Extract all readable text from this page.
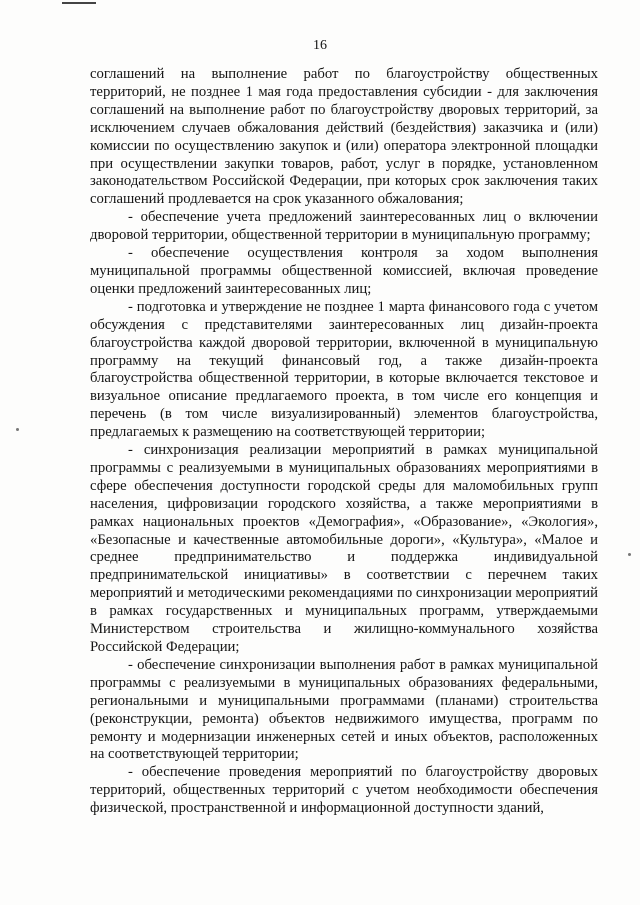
16

соглашений на выполнение работ по благоустройству общественных территорий, не позднее 1 мая года предоставления субсидии - для заключения соглашений на выполнение работ по благоустройству дворовых территорий, за исключением случаев обжалования действий (бездействия) заказчика и (или) комиссии по осуществлению закупок и (или) оператора электронной площадки при осуществлении закупки товаров, работ, услуг в порядке, установленном законодательством Российской Федерации, при которых срок заключения таких соглашений продлевается на срок указанного обжалования;

- обеспечение учета предложений заинтересованных лиц о включении дворовой территории, общественной территории в муниципальную программу;

- обеспечение осуществления контроля за ходом выполнения муниципальной программы общественной комиссией, включая проведение оценки предложений заинтересованных лиц;

- подготовка и утверждение не позднее 1 марта финансового года с учетом обсуждения с представителями заинтересованных лиц дизайн-проекта благоустройства каждой дворовой территории, включенной в муниципальную программу на текущий финансовый год, а также дизайн-проекта благоустройства общественной территории, в которые включается текстовое и визуальное описание предлагаемого проекта, в том числе его концепция и перечень (в том числе визуализированный) элементов благоустройства, предлагаемых к размещению на соответствующей территории;

- синхронизация реализации мероприятий в рамках муниципальной программы с реализуемыми в муниципальных образованиях мероприятиями в сфере обеспечения доступности городской среды для маломобильных групп населения, цифровизации городского хозяйства, а также мероприятиями в рамках национальных проектов «Демография», «Образование», «Экология», «Безопасные и качественные автомобильные дороги», «Культура», «Малое и среднее предпринимательство и поддержка индивидуальной предпринимательской инициативы» в соответствии с перечнем таких мероприятий и методическими рекомендациями по синхронизации мероприятий в рамках государственных и муниципальных программ, утверждаемыми Министерством строительства и жилищно-коммунального хозяйства Российской Федерации;

- обеспечение синхронизации выполнения работ в рамках муниципальной программы с реализуемыми в муниципальных образованиях федеральными, региональными и муниципальными программами (планами) строительства (реконструкции, ремонта) объектов недвижимого имущества, программ по ремонту и модернизации инженерных сетей и иных объектов, расположенных на соответствующей территории;

- обеспечение проведения мероприятий по благоустройству дворовых территорий, общественных территорий с учетом необходимости обеспечения физической, пространственной и информационной доступности зданий,
